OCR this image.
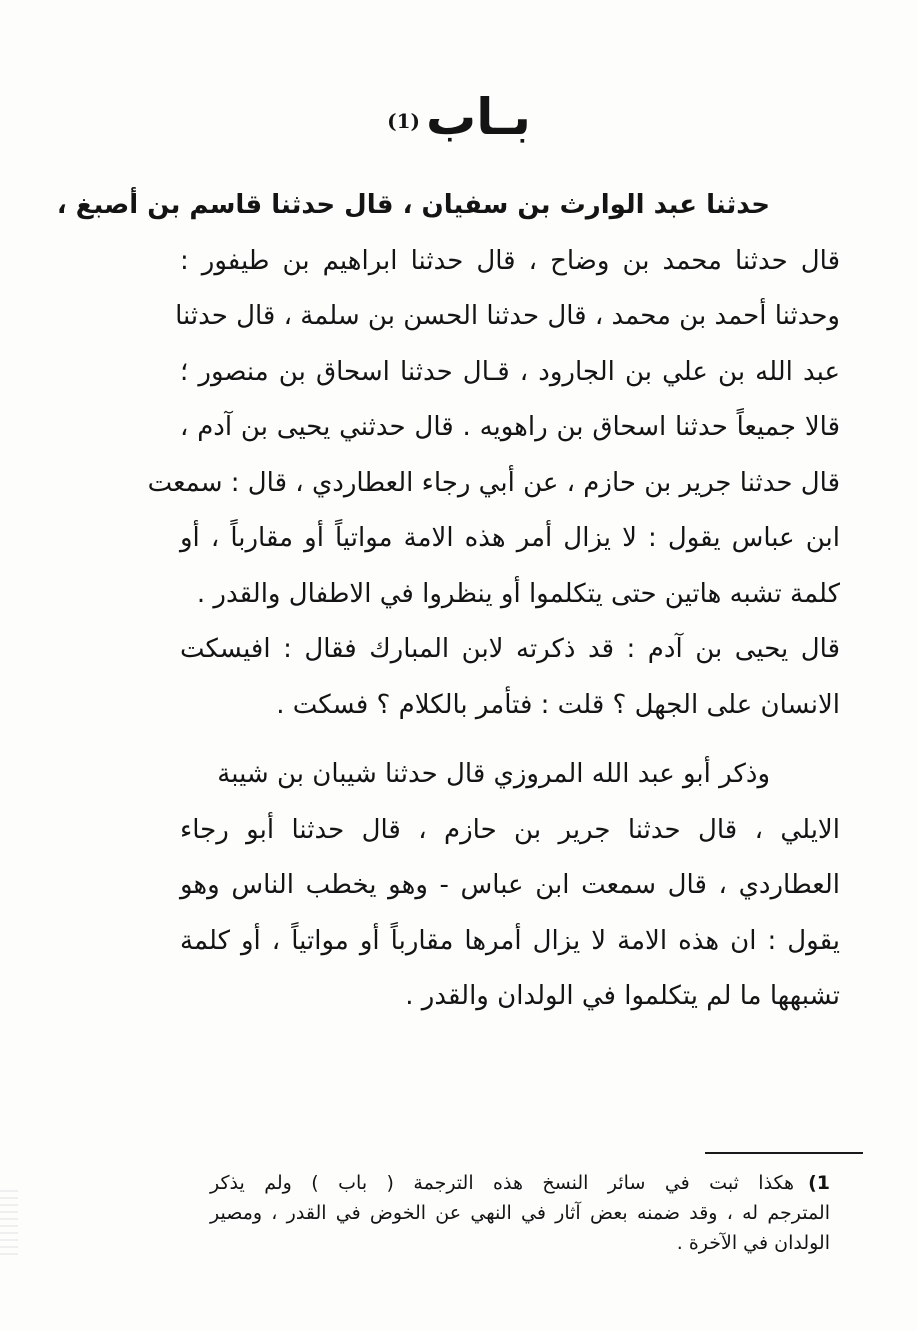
بـاب(1)
حدثنا عبد الوارث بن سفيان ، قال حدثنا قاسم بن أصبغ ،
قال حدثنا محمد بن وضاح ، قال حدثنا ابراهيم بن طيفور :
وحدثنا أحمد بن محمد ، قال حدثنا الحسن بن سلمة ، قال حدثنا
عبد الله بن علي بن الجارود ، قـال حدثنا اسحاق بن منصور ؛
قالا جميعاً حدثنا اسحاق بن راهويه . قال حدثني يحيى بن آدم ،
قال حدثنا جرير بن حازم ، عن أبي رجاء العطاردي ، قال : سمعت
ابن عباس يقول : لا يزال أمر هذه الامة مواتياً أو مقارباً ، أو
كلمة تشبه هاتين حتى يتكلموا أو ينظروا في الاطفال والقدر .
قال يحيى بن آدم : قد ذكرته لابن المبارك فقال : افيسكت
الانسان على الجهل ؟ قلت : فتأمر بالكلام ؟ فسكت .
وذكر أبو عبد الله المروزي قال حدثنا شيبان بن شيبة
الايلي ، قال حدثنا جرير بن حازم ، قال حدثنا أبو رجاء
العطاردي ، قال سمعت ابن عباس - وهو يخطب الناس وهو
يقول : ان هذه الامة لا يزال أمرها مقارباً أو مواتياً ، أو كلمة
تشبهها ما لم يتكلموا في الولدان والقدر .
1)هكذا ثبت في سائر النسخ هذه الترجمة ( باب ) ولم يذكر
المترجم له ، وقد ضمنه بعض آثار في النهي عن الخوض في القدر ، ومصير
الولدان في الآخرة .
